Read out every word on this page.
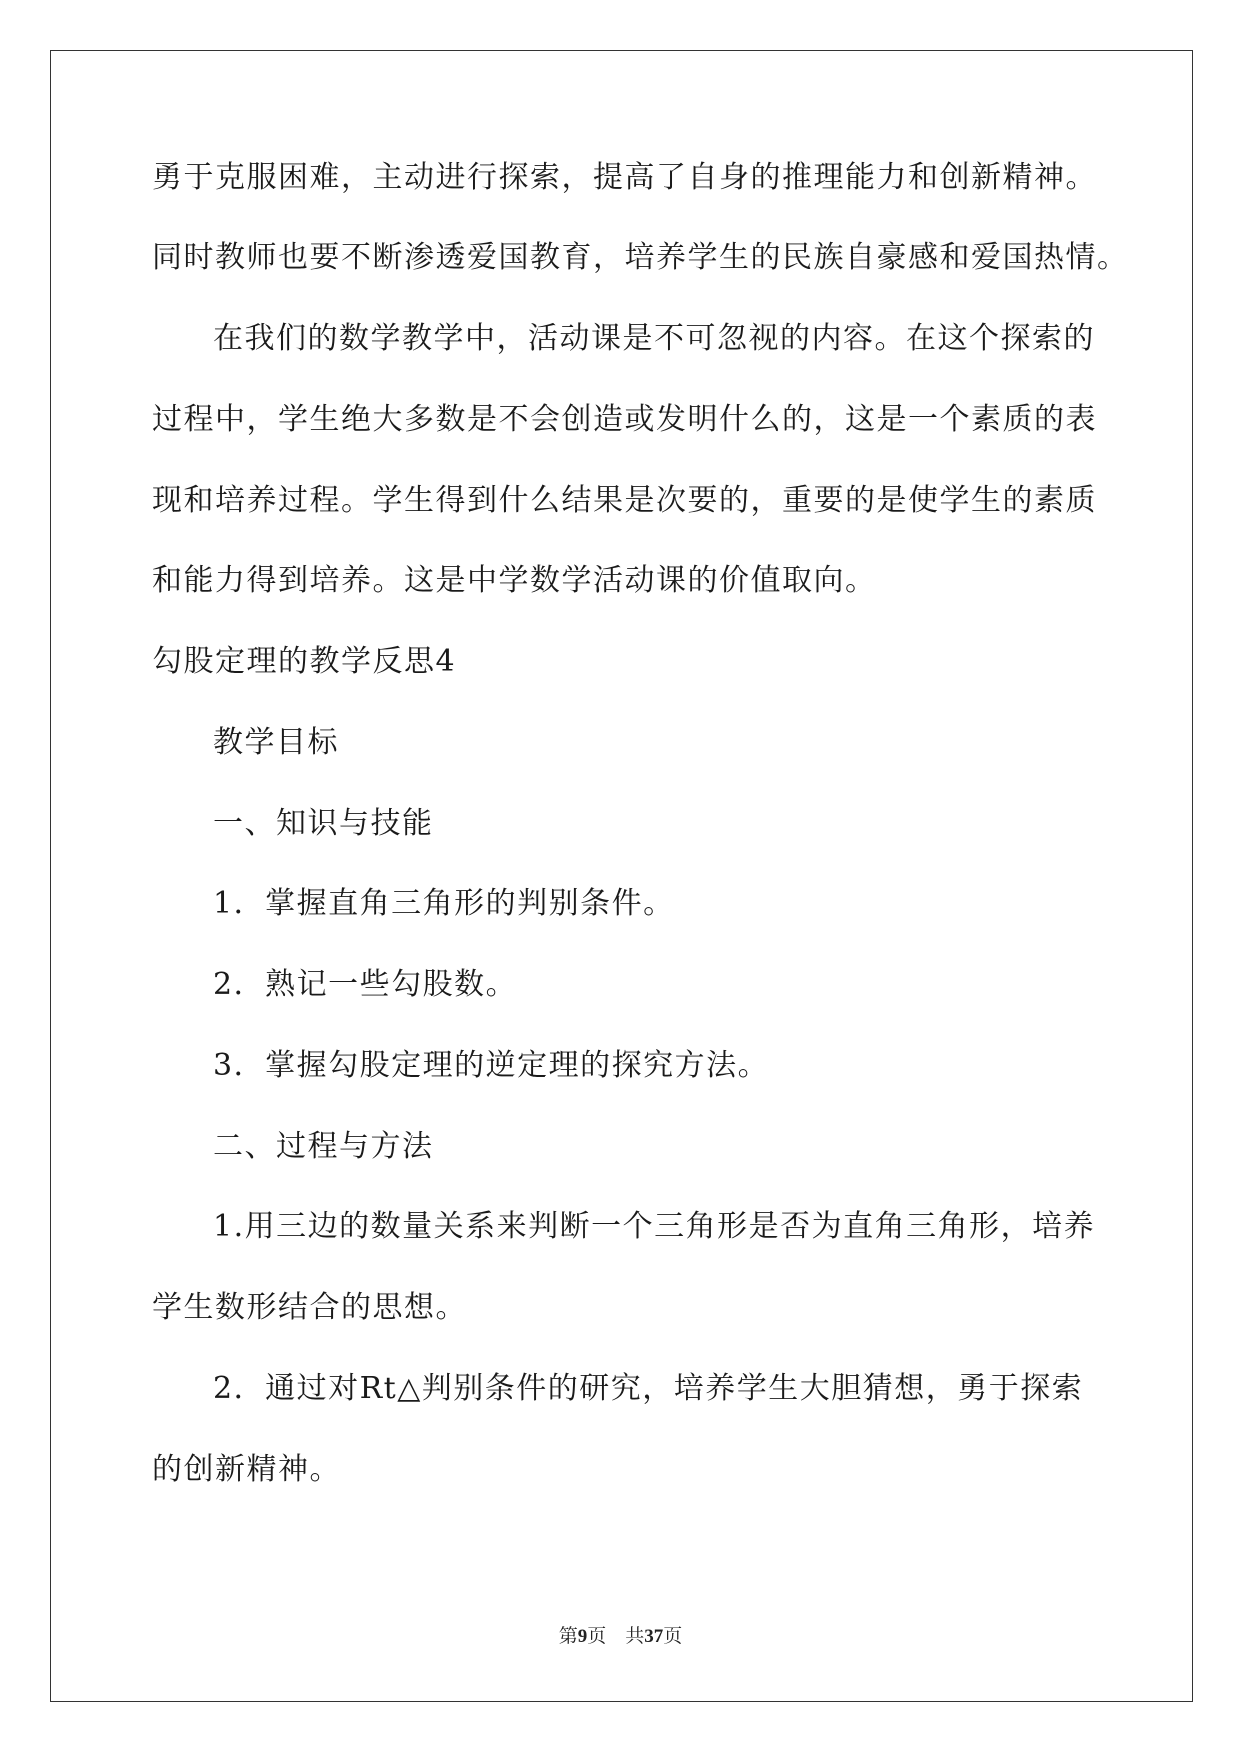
勇于克服困难，主动进行探索，提高了自身的推理能力和创新精神。
同时教师也要不断渗透爱国教育，培养学生的民族自豪感和爱国热情。
在我们的数学教学中，活动课是不可忽视的内容。在这个探索的
过程中，学生绝大多数是不会创造或发明什么的，这是一个素质的表
现和培养过程。学生得到什么结果是次要的，重要的是使学生的素质
和能力得到培养。这是中学数学活动课的价值取向。
勾股定理的教学反思4
教学目标
一、知识与技能
1．掌握直角三角形的判别条件。
2．熟记一些勾股数。
3．掌握勾股定理的逆定理的探究方法。
二、过程与方法
1.用三边的数量关系来判断一个三角形是否为直角三角形，培养
学生数形结合的思想。
2．通过对Rt△判别条件的研究，培养学生大胆猜想，勇于探索
的创新精神。
第9页　共37页
